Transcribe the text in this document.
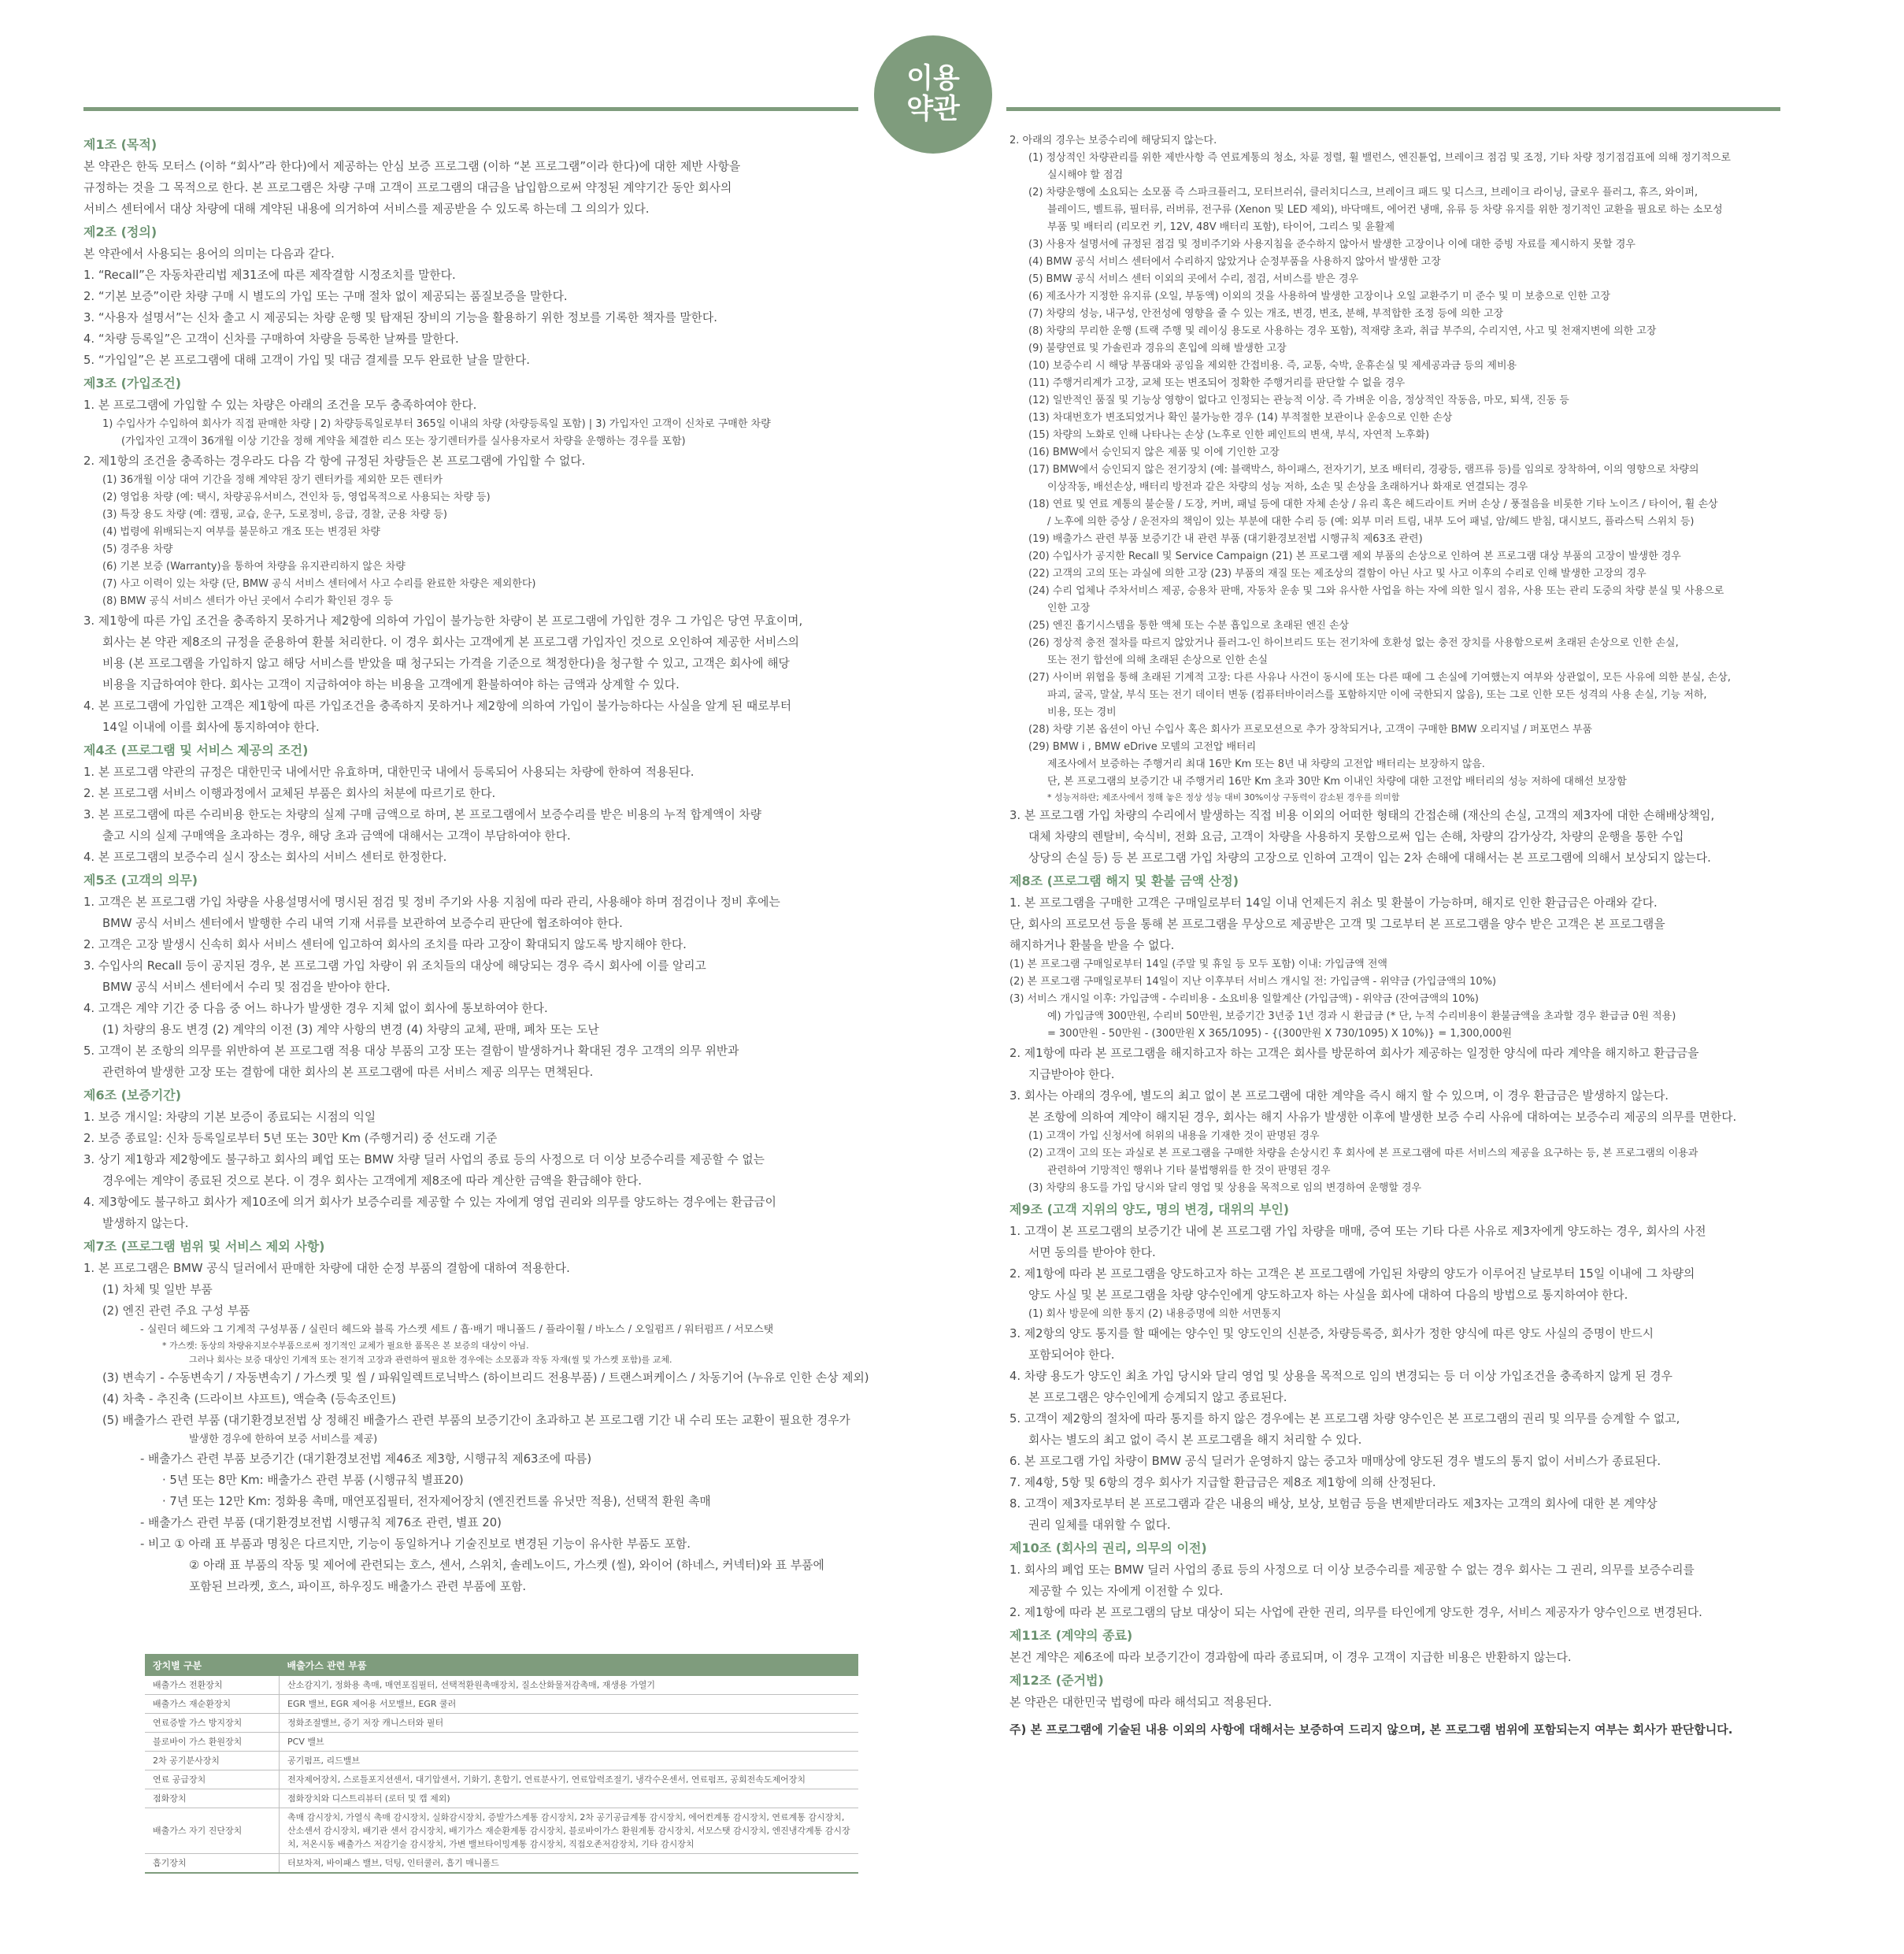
이용
약관
제1조 (목적)
본 약관은 한독 모터스 (이하 “회사”라 한다)에서 제공하는 안심 보증 프로그램 (이하 “본 프로그램”이라 한다)에 대한 제반 사항을
규정하는 것을 그 목적으로 한다. 본 프로그램은 차량 구매 고객이 프로그램의 대금을 납입함으로써 약정된 계약기간 동안 회사의
서비스 센터에서 대상 차량에 대해 계약된 내용에 의거하여 서비스를 제공받을 수 있도록 하는데 그 의의가 있다.
제2조 (정의)
본 약관에서 사용되는 용어의 의미는 다음과 같다.
1. “Recall”은 자동차관리법 제31조에 따른 제작결함 시정조치를 말한다.
2. “기본 보증”이란 차량 구매 시 별도의 가입 또는 구매 절차 없이 제공되는 품질보증을 말한다.
3. “사용자 설명서”는 신차 출고 시 제공되는 차량 운행 및 탑재된 장비의 기능을 활용하기 위한 정보를 기록한 책자를 말한다.
4. “차량 등록일”은 고객이 신차를 구매하여 차량을 등록한 날짜를 말한다.
5. “가입일”은 본 프로그램에 대해 고객이 가입 및 대금 결제를 모두 완료한 날을 말한다.
제3조 (가입조건)
1. 본 프로그램에 가입할 수 있는 차량은 아래의 조건을 모두 충족하여야 한다.
1) 수입사가 수입하여 회사가 직접 판매한 차량 | 2) 차량등록일로부터 365일 이내의 차량 (차량등록일 포함) | 3) 가입자인 고객이 신차로 구매한 차량
(가입자인 고객이 36개월 이상 기간을 정해 계약을 체결한 리스 또는 장기렌터카를 실사용자로서 차량을 운행하는 경우를 포함)
2. 제1항의 조건을 충족하는 경우라도 다음 각 항에 규정된 차량들은 본 프로그램에 가입할 수 없다.
(1) 36개월 이상 대여 기간을 정해 계약된 장기 렌터카를 제외한 모든 렌터카
(2) 영업용 차량 (예: 택시, 차량공유서비스, 견인차 등, 영업목적으로 사용되는 차량 등)
(3) 특장 용도 차량 (예: 캠핑, 교습, 운구, 도로정비, 응급, 경찰, 군용 차량 등)
(4) 법령에 위배되는지 여부를 불문하고 개조 또는 변경된 차량
(5) 경주용 차량
(6) 기본 보증 (Warranty)을 통하여 차량을 유지관리하지 않은 차량
(7) 사고 이력이 있는 차량 (단, BMW 공식 서비스 센터에서 사고 수리를 완료한 차량은 제외한다)
(8) BMW 공식 서비스 센터가 아닌 곳에서 수리가 확인된 경우 등
3. 제1항에 따른 가입 조건을 충족하지 못하거나 제2항에 의하여 가입이 불가능한 차량이 본 프로그램에 가입한 경우 그 가입은 당연 무효이며,
회사는 본 약관 제8조의 규정을 준용하여 환불 처리한다. 이 경우 회사는 고객에게 본 프로그램 가입자인 것으로 오인하여 제공한 서비스의
비용 (본 프로그램을 가입하지 않고 해당 서비스를 받았을 때 청구되는 가격을 기준으로 책정한다)을 청구할 수 있고, 고객은 회사에 해당
비용을 지급하여야 한다. 회사는 고객이 지급하여야 하는 비용을 고객에게 환불하여야 하는 금액과 상계할 수 있다.
4. 본 프로그램에 가입한 고객은 제1항에 따른 가입조건을 충족하지 못하거나 제2항에 의하여 가입이 불가능하다는 사실을 알게 된 때로부터
14일 이내에 이를 회사에 통지하여야 한다.
제4조 (프로그램 및 서비스 제공의 조건)
1. 본 프로그램 약관의 규정은 대한민국 내에서만 유효하며, 대한민국 내에서 등록되어 사용되는 차량에 한하여 적용된다.
2. 본 프로그램 서비스 이행과정에서 교체된 부품은 회사의 처분에 따르기로 한다.
3. 본 프로그램에 따른 수리비용 한도는 차량의 실제 구매 금액으로 하며, 본 프로그램에서 보증수리를 받은 비용의 누적 합계액이 차량
출고 시의 실제 구매액을 초과하는 경우, 해당 초과 금액에 대해서는 고객이 부담하여야 한다.
4. 본 프로그램의 보증수리 실시 장소는 회사의 서비스 센터로 한정한다.
제5조 (고객의 의무)
1. 고객은 본 프로그램 가입 차량을 사용설명서에 명시된 점검 및 정비 주기와 사용 지침에 따라 관리, 사용해야 하며 점검이나 정비 후에는
BMW 공식 서비스 센터에서 발행한 수리 내역 기재 서류를 보관하여 보증수리 판단에 협조하여야 한다.
2. 고객은 고장 발생시 신속히 회사 서비스 센터에 입고하여 회사의 조치를 따라 고장이 확대되지 않도록 방지해야 한다.
3. 수입사의 Recall 등이 공지된 경우, 본 프로그램 가입 차량이 위 조치들의 대상에 해당되는 경우 즉시 회사에 이를 알리고
BMW 공식 서비스 센터에서 수리 및 점검을 받아야 한다.
4. 고객은 계약 기간 중 다음 중 어느 하나가 발생한 경우 지체 없이 회사에 통보하여야 한다.
(1) 차량의 용도 변경 (2) 계약의 이전 (3) 계약 사항의 변경 (4) 차량의 교체, 판매, 폐차 또는 도난
5. 고객이 본 조항의 의무를 위반하여 본 프로그램 적용 대상 부품의 고장 또는 결함이 발생하거나 확대된 경우 고객의 의무 위반과
관련하여 발생한 고장 또는 결함에 대한 회사의 본 프로그램에 따른 서비스 제공 의무는 면책된다.
제6조 (보증기간)
1. 보증 개시일: 차량의 기본 보증이 종료되는 시점의 익일
2. 보증 종료일: 신차 등록일로부터 5년 또는 30만 Km (주행거리) 중 선도래 기준
3. 상기 제1항과 제2항에도 불구하고 회사의 폐업 또는 BMW 차량 딜러 사업의 종료 등의 사정으로 더 이상 보증수리를 제공할 수 없는
경우에는 계약이 종료된 것으로 본다. 이 경우 회사는 고객에게 제8조에 따라 계산한 금액을 환급해야 한다.
4. 제3항에도 불구하고 회사가 제10조에 의거 회사가 보증수리를 제공할 수 있는 자에게 영업 권리와 의무를 양도하는 경우에는 환급금이
발생하지 않는다.
제7조 (프로그램 범위 및 서비스 제외 사항)
1. 본 프로그램은 BMW 공식 딜러에서 판매한 차량에 대한 순정 부품의 결함에 대하여 적용한다.
(1) 차체 및 일반 부품
(2) 엔진 관련 주요 구성 부품
- 실린더 헤드와 그 기계적 구성부품 / 실린더 헤드와 블록 가스켓 세트 / 흡·배기 매니폴드 / 플라이휠 / 바노스 / 오일펌프 / 워터펌프 / 서모스탯
* 가스켓: 동상의 차량유지보수부품으로써 정기적인 교체가 필요한 품목은 본 보증의 대상이 아님.
그러나 회사는 보증 대상인 기계적 또는 전기적 고장과 관련하여 필요한 경우에는 소모품과 작동 자재(씰 및 가스켓 포함)를 교체.
(3) 변속기 - 수동변속기 / 자동변속기 / 가스켓 및 씰 / 파워일렉트로닉박스 (하이브리드 전용부품) / 트랜스퍼케이스 / 차동기어 (누유로 인한 손상 제외)
(4) 차축 - 추진축 (드라이브 샤프트), 액슬축 (등속조인트)
(5) 배출가스 관련 부품 (대기환경보전법 상 정해진 배출가스 관련 부품의 보증기간이 초과하고 본 프로그램 기간 내 수리 또는 교환이 필요한 경우가
발생한 경우에 한하여 보증 서비스를 제공)
- 배출가스 관련 부품 보증기간 (대기환경보전법 제46조 제3항, 시행규칙 제63조에 따름)
· 5년 또는 8만 Km: 배출가스 관련 부품 (시행규칙 별표20)
· 7년 또는 12만 Km: 정화용 촉매, 매연포집필터, 전자제어장치 (엔진컨트롤 유닛만 적용), 선택적 환원 촉매
- 배출가스 관련 부품 (대기환경보전법 시행규칙 제76조 관련, 별표 20)
- 비고 ① 아래 표 부품과 명칭은 다르지만, 기능이 동일하거나 기술진보로 변경된 기능이 유사한 부품도 포함.
② 아래 표 부품의 작동 및 제어에 관련되는 호스, 센서, 스위치, 솔레노이드, 가스켓 (씰), 와이어 (하네스, 커넥터)와 표 부품에
포함된 브라켓, 호스, 파이프, 하우징도 배출가스 관련 부품에 포함.
장치별 구분	배출가스 관련 부품
배출가스 전환장치	산소감지기, 정화용 촉매, 매연포집필터, 선택적환원촉매장치, 질소산화물저감촉매, 재생용 가열기
배출가스 재순환장치	EGR 밸브, EGR 제어용 서모밸브, EGR 쿨러
연료증발 가스 방지장치	정화조절밸브, 증기 저장 캐니스터와 필터
블로바이 가스 환원장치	PCV 밸브
2차 공기분사장치	공기펌프, 리드밸브
연료 공급장치	전자제어장치, 스로틀포지션센서, 대기압센서, 기화기, 혼합기, 연료분사기, 연료압력조절기, 냉각수온센서, 연료펌프, 공회전속도제어장치
점화장치	점화장치와 디스트리뷰터 (로터 및 캡 제외)
배출가스 자기 진단장치	촉매 감시장치, 가열식 촉매 감시장치, 실화감시장치, 증발가스계통 감시장치, 2차 공기공급계통 감시장치, 에어컨계통 감시장치, 연료계통 감시장치, 산소센서 감시장치, 배기관 센서 감시장치, 배기가스 재순환계통 감시장치, 블로바이가스 환원계통 감시장치, 서모스탯 감시장치, 엔진냉각계통 감시장치, 저온시동 배출가스 저감기술 감시장치, 가변 밸브타이밍계통 감시장치, 직접오존저감장치, 기타 감시장치
흡기장치	터보차져, 바이패스 밸브, 덕팅, 인터쿨러, 흡기 매니폴드
2. 아래의 경우는 보증수리에 해당되지 않는다.
(1) 정상적인 차량관리를 위한 제반사항 즉 연료계통의 청소, 차륜 정렬, 휠 밸런스, 엔진튠업, 브레이크 점검 및 조정, 기타 차량 정기점검표에 의해 정기적으로
실시해야 할 점검
(2) 차량운행에 소요되는 소모품 즉 스파크플러그, 모터브러쉬, 클러치디스크, 브레이크 패드 및 디스크, 브레이크 라이닝, 글로우 플러그, 휴즈, 와이퍼,
블레이드, 벨트류, 필터류, 러버류, 전구류 (Xenon 및 LED 제외), 바닥매트, 에어컨 냉매, 유류 등 차량 유지를 위한 정기적인 교환을 필요로 하는 소모성
부품 및 배터리 (리모컨 키, 12V, 48V 배터리 포함), 타이어, 그리스 및 윤활제
(3) 사용자 설명서에 규정된 점검 및 정비주기와 사용지침을 준수하지 않아서 발생한 고장이나 이에 대한 증빙 자료를 제시하지 못할 경우
(4) BMW 공식 서비스 센터에서 수리하지 않았거나 순정부품을 사용하지 않아서 발생한 고장
(5) BMW 공식 서비스 센터 이외의 곳에서 수리, 점검, 서비스를 받은 경우
(6) 제조사가 지정한 유지류 (오일, 부동액) 이외의 것을 사용하여 발생한 고장이나 오일 교환주기 미 준수 및 미 보충으로 인한 고장
(7) 차량의 성능, 내구성, 안전성에 영향을 줄 수 있는 개조, 변경, 변조, 분해, 부적합한 조정 등에 의한 고장
(8) 차량의 무리한 운행 (트랙 주행 및 레이싱 용도로 사용하는 경우 포함), 적재량 초과, 취급 부주의, 수리지연, 사고 및 천재지변에 의한 고장
(9) 불량연료 및 가솔린과 경유의 혼입에 의해 발생한 고장
(10) 보증수리 시 해당 부품대와 공임을 제외한 간접비용. 즉, 교통, 숙박, 운휴손실 및 제세공과금 등의 제비용
(11) 주행거리계가 고장, 교체 또는 변조되어 정확한 주행거리를 판단할 수 없을 경우
(12) 일반적인 품질 및 기능상 영향이 없다고 인정되는 관능적 이상. 즉 가벼운 이음, 정상적인 작동음, 마모, 퇴색, 진동 등
(13) 차대번호가 변조되었거나 확인 불가능한 경우 (14) 부적절한 보관이나 운송으로 인한 손상
(15) 차량의 노화로 인해 나타나는 손상 (노후로 인한 페인트의 변색, 부식, 자연적 노후화)
(16) BMW에서 승인되지 않은 제품 및 이에 기인한 고장
(17) BMW에서 승인되지 않은 전기장치 (예: 블랙박스, 하이패스, 전자기기, 보조 배터리, 경광등, 램프류 등)를 임의로 장착하여, 이의 영향으로 차량의
이상작동, 배선손상, 배터리 방전과 같은 차량의 성능 저하, 소손 및 손상을 초래하거나 화재로 연결되는 경우
(18) 연료 및 연료 계통의 불순물 / 도장, 커버, 패널 등에 대한 자체 손상 / 유리 혹은 헤드라이트 커버 손상 / 풍절음을 비롯한 기타 노이즈 / 타이어, 휠 손상
/ 노후에 의한 증상 / 운전자의 책임이 있는 부분에 대한 수리 등 (예: 외부 미러 트림, 내부 도어 패널, 암/헤드 받침, 대시보드, 플라스틱 스위치 등)
(19) 배출가스 관련 부품 보증기간 내 관련 부품 (대기환경보전법 시행규칙 제63조 관련)
(20) 수입사가 공지한 Recall 및 Service Campaign (21) 본 프로그램 제외 부품의 손상으로 인하여 본 프로그램 대상 부품의 고장이 발생한 경우
(22) 고객의 고의 또는 과실에 의한 고장 (23) 부품의 재질 또는 제조상의 결함이 아닌 사고 및 사고 이후의 수리로 인해 발생한 고장의 경우
(24) 수리 업체나 주차서비스 제공, 승용차 판매, 자동차 운송 및 그와 유사한 사업을 하는 자에 의한 일시 점유, 사용 또는 관리 도중의 차량 분실 및 사용으로
인한 고장
(25) 엔진 흡기시스템을 통한 액체 또는 수분 흡입으로 초래된 엔진 손상
(26) 정상적 충전 절차를 따르지 않았거나 플러그-인 하이브리드 또는 전기차에 호환성 없는 충전 장치를 사용함으로써 초래된 손상으로 인한 손실,
또는 전기 합선에 의해 초래된 손상으로 인한 손실
(27) 사이버 위협을 통해 초래된 기계적 고장: 다른 사유나 사건이 동시에 또는 다른 때에 그 손실에 기여했는지 여부와 상관없이, 모든 사유에 의한 분실, 손상,
파괴, 굴곡, 말살, 부식 또는 전기 데이터 변동 (컴퓨터바이러스를 포함하지만 이에 국한되지 않음), 또는 그로 인한 모든 성격의 사용 손실, 기능 저하,
비용, 또는 경비
(28) 차량 기본 옵션이 아닌 수입사 혹은 회사가 프로모션으로 추가 장착되거나, 고객이 구매한 BMW 오리지널 / 퍼포먼스 부품
(29) BMW i , BMW eDrive 모델의 고전압 배터리
제조사에서 보증하는 주행거리 최대 16만 Km 또는 8년 내 차량의 고전압 배터리는 보장하지 않음.
단, 본 프로그램의 보증기간 내 주행거리 16만 Km 초과 30만 Km 이내인 차량에 대한 고전압 배터리의 성능 저하에 대해선 보장함
* 성능저하란; 제조사에서 정해 놓은 정상 성능 대비 30%이상 구동력이 감소된 경우를 의미함
3. 본 프로그램 가입 차량의 수리에서 발생하는 직접 비용 이외의 어떠한 형태의 간접손해 (재산의 손실, 고객의 제3자에 대한 손해배상책임,
대체 차량의 렌탈비, 숙식비, 전화 요금, 고객이 차량을 사용하지 못함으로써 입는 손해, 차량의 감가상각, 차량의 운행을 통한 수입
상당의 손실 등) 등 본 프로그램 가입 차량의 고장으로 인하여 고객이 입는 2차 손해에 대해서는 본 프로그램에 의해서 보상되지 않는다.
제8조 (프로그램 해지 및 환불 금액 산정)
1. 본 프로그램을 구매한 고객은 구매일로부터 14일 이내 언제든지 취소 및 환불이 가능하며, 해지로 인한 환급금은 아래와 같다.
단, 회사의 프로모션 등을 통해 본 프로그램을 무상으로 제공받은 고객 및 그로부터 본 프로그램을 양수 받은 고객은 본 프로그램을
해지하거나 환불을 받을 수 없다.
(1) 본 프로그램 구매일로부터 14일 (주말 및 휴일 등 모두 포함) 이내: 가입금액 전액
(2) 본 프로그램 구매일로부터 14일이 지난 이후부터 서비스 개시일 전: 가입금액 - 위약금 (가입금액의 10%)
(3) 서비스 개시일 이후: 가입금액 - 수리비용 - 소요비용 일할계산 (가입금액) - 위약금 (잔여금액의 10%)
예) 가입금액 300만원, 수리비 50만원, 보증기간 3년중 1년 경과 시 환급금 (* 단, 누적 수리비용이 환불금액을 초과할 경우 환급금 0원 적용)
= 300만원 - 50만원 - (300만원 X 365/1095) - {(300만원 X 730/1095) X 10%)} = 1,300,000원
2. 제1항에 따라 본 프로그램을 해지하고자 하는 고객은 회사를 방문하여 회사가 제공하는 일정한 양식에 따라 계약을 해지하고 환급금을
지급받아야 한다.
3. 회사는 아래의 경우에, 별도의 최고 없이 본 프로그램에 대한 계약을 즉시 해지 할 수 있으며, 이 경우 환급금은 발생하지 않는다.
본 조항에 의하여 계약이 해지된 경우, 회사는 해지 사유가 발생한 이후에 발생한 보증 수리 사유에 대하여는 보증수리 제공의 의무를 면한다.
(1) 고객이 가입 신청서에 허위의 내용을 기재한 것이 판명된 경우
(2) 고객이 고의 또는 과실로 본 프로그램을 구매한 차량을 손상시킨 후 회사에 본 프로그램에 따른 서비스의 제공을 요구하는 등, 본 프로그램의 이용과
관련하여 기망적인 행위나 기타 불법행위를 한 것이 판명된 경우
(3) 차량의 용도를 가입 당시와 달리 영업 및 상용을 목적으로 임의 변경하여 운행할 경우
제9조 (고객 지위의 양도, 명의 변경, 대위의 부인)
1. 고객이 본 프로그램의 보증기간 내에 본 프로그램 가입 차량을 매매, 증여 또는 기타 다른 사유로 제3자에게 양도하는 경우, 회사의 사전
서면 동의를 받아야 한다.
2. 제1항에 따라 본 프로그램을 양도하고자 하는 고객은 본 프로그램에 가입된 차량의 양도가 이루어진 날로부터 15일 이내에 그 차량의
양도 사실 및 본 프로그램을 차량 양수인에게 양도하고자 하는 사실을 회사에 대하여 다음의 방법으로 통지하여야 한다.
(1) 회사 방문에 의한 통지 (2) 내용증명에 의한 서면통지
3. 제2항의 양도 통지를 할 때에는 양수인 및 양도인의 신분증, 차량등록증, 회사가 정한 양식에 따른 양도 사실의 증명이 반드시
포함되어야 한다.
4. 차량 용도가 양도인 최초 가입 당시와 달리 영업 및 상용을 목적으로 임의 변경되는 등 더 이상 가입조건을 충족하지 않게 된 경우
본 프로그램은 양수인에게 승계되지 않고 종료된다.
5. 고객이 제2항의 절차에 따라 통지를 하지 않은 경우에는 본 프로그램 차량 양수인은 본 프로그램의 권리 및 의무를 승계할 수 없고,
회사는 별도의 최고 없이 즉시 본 프로그램을 해지 처리할 수 있다.
6. 본 프로그램 가입 차량이 BMW 공식 딜러가 운영하지 않는 중고차 매매상에 양도된 경우 별도의 통지 없이 서비스가 종료된다.
7. 제4항, 5항 및 6항의 경우 회사가 지급할 환급금은 제8조 제1항에 의해 산정된다.
8. 고객이 제3자로부터 본 프로그램과 같은 내용의 배상, 보상, 보험금 등을 변제받더라도 제3자는 고객의 회사에 대한 본 계약상
권리 일체를 대위할 수 없다.
제10조 (회사의 권리, 의무의 이전)
1. 회사의 폐업 또는 BMW 딜러 사업의 종료 등의 사정으로 더 이상 보증수리를 제공할 수 없는 경우 회사는 그 권리, 의무를 보증수리를
제공할 수 있는 자에게 이전할 수 있다.
2. 제1항에 따라 본 프로그램의 담보 대상이 되는 사업에 관한 권리, 의무를 타인에게 양도한 경우, 서비스 제공자가 양수인으로 변경된다.
제11조 (계약의 종료)
본건 계약은 제6조에 따라 보증기간이 경과함에 따라 종료되며, 이 경우 고객이 지급한 비용은 반환하지 않는다.
제12조 (준거법)
본 약관은 대한민국 법령에 따라 해석되고 적용된다.
주) 본 프로그램에 기술된 내용 이외의 사항에 대해서는 보증하여 드리지 않으며, 본 프로그램 범위에 포함되는지 여부는 회사가 판단합니다.
